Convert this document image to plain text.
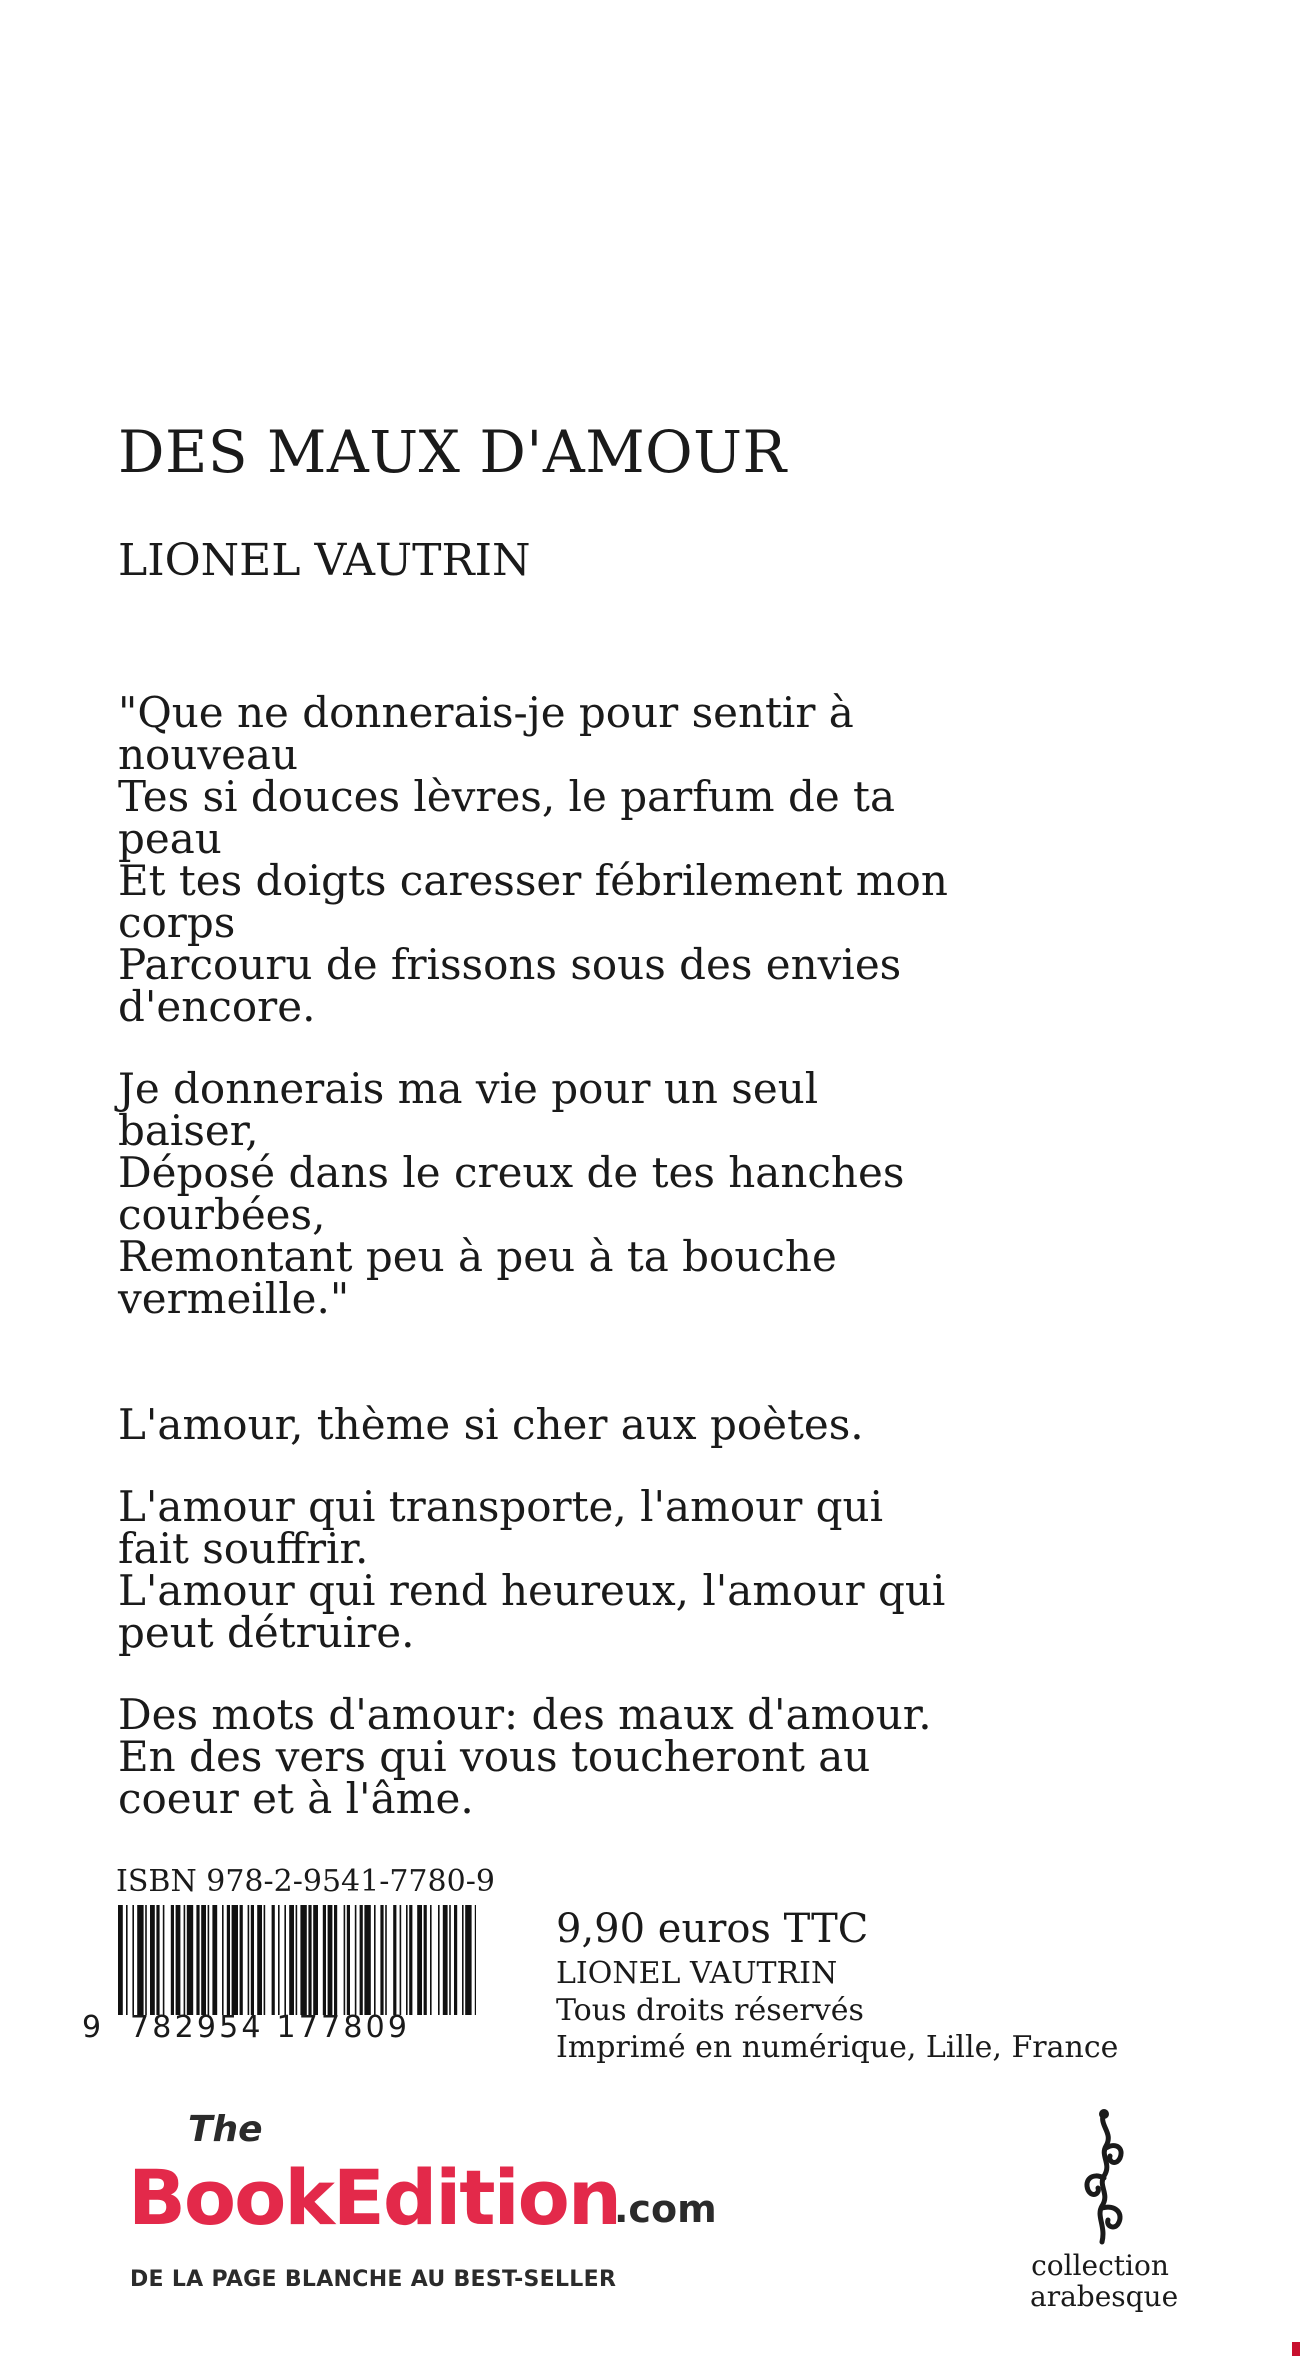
DES MAUX D'AMOUR
LIONEL VAUTRIN
"Que ne donnerais-je pour sentir à
nouveau
Tes si douces lèvres, le parfum de ta
peau
Et tes doigts caresser fébrilement mon
corps
Parcouru de frissons sous des envies
d'encore.
Je donnerais ma vie pour un seul
baiser,
Déposé dans le creux de tes hanches
courbées,
Remontant peu à peu à ta bouche
vermeille."
L'amour, thème si cher aux poètes.
L'amour qui transporte, l'amour qui
fait souffrir.
L'amour qui rend heureux, l'amour qui
peut détruire.
Des mots d'amour: des maux d'amour.
En des vers qui vous toucheront au
coeur et à l'âme.
ISBN 978-2-9541-7780-9
9 782954 177809
9,90 euros TTC
LIONEL VAUTRIN
Tous droits réservés
Imprimé en numérique, Lille, France
The
BookEdition
.com
DE LA PAGE BLANCHE AU BEST-SELLER	collection
arabesque
